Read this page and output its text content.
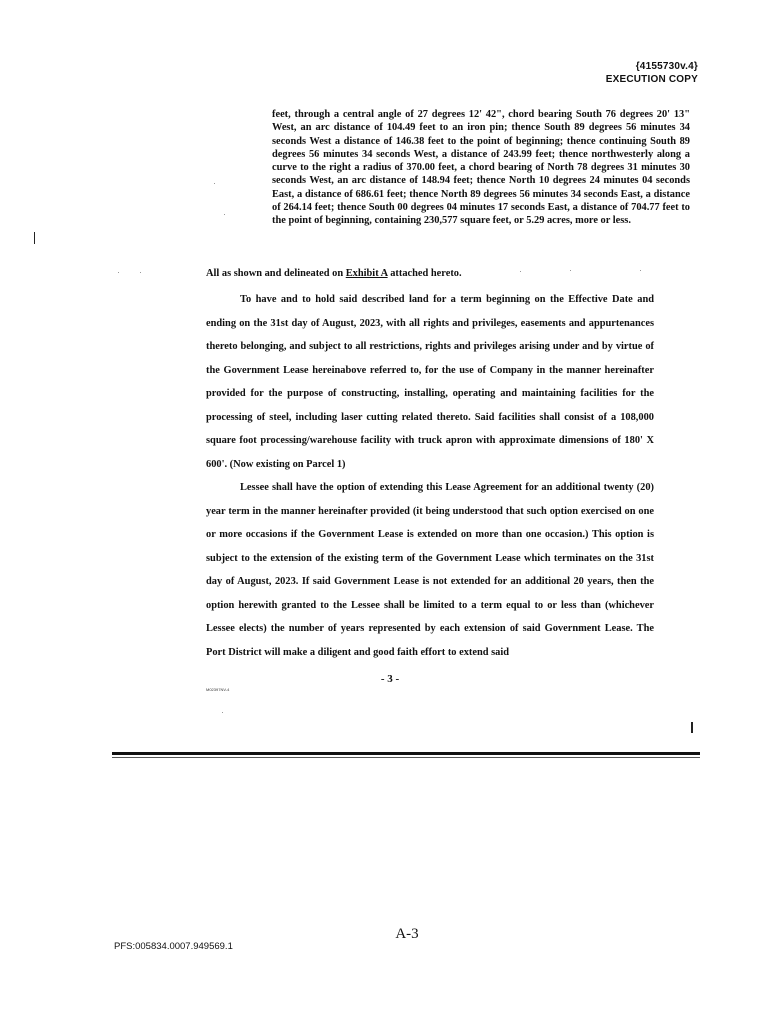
{4155730v.4}
EXECUTION COPY
feet, through a central angle of 27 degrees 12' 42", chord bearing South 76 degrees 20' 13" West, an arc distance of 104.49 feet to an iron pin; thence South 89 degrees 56 minutes 34 seconds West a distance of 146.38 feet to the point of beginning; thence continuing South 89 degrees 56 minutes 34 seconds West, a distance of 243.99 feet; thence northwesterly along a curve to the right a radius of 370.00 feet, a chord bearing of North 78 degrees 31 minutes 30 seconds West, an arc distance of 148.94 feet; thence North 10 degrees 24 minutes 04 seconds East, a distance of 686.61 feet; thence North 89 degrees 56 minutes 34 seconds East, a distance of 264.14 feet; thence South 00 degrees 04 minutes 17 seconds East, a distance of 704.77 feet to the point of beginning, containing 230,577 square feet, or 5.29 acres, more or less.
All as shown and delineated on Exhibit A attached hereto.
To have and to hold said described land for a term beginning on the Effective Date and ending on the 31st day of August, 2023, with all rights and privileges, easements and appurtenances thereto belonging, and subject to all restrictions, rights and privileges arising under and by virtue of the Government Lease hereinabove referred to, for the use of Company in the manner hereinafter provided for the purpose of constructing, installing, operating and maintaining facilities for the processing of steel, including laser cutting related thereto. Said facilities shall consist of a 108,000 square foot processing/warehouse facility with truck apron with approximate dimensions of 180' X 600'. (Now existing on Parcel 1)
Lessee shall have the option of extending this Lease Agreement for an additional twenty (20) year term in the manner hereinafter provided (it being understood that such option exercised on one or more occasions if the Government Lease is extended on more than one occasion.) This option is subject to the extension of the existing term of the Government Lease which terminates on the 31st day of August, 2023. If said Government Lease is not extended for an additional 20 years, then the option herewith granted to the Lessee shall be limited to a term equal to or less than (whichever Lessee elects) the number of years represented by each extension of said Government Lease. The Port District will make a diligent and good faith effort to extend said
- 3 -
M02397NV-4
A-3
PFS:005834.0007.949569.1
